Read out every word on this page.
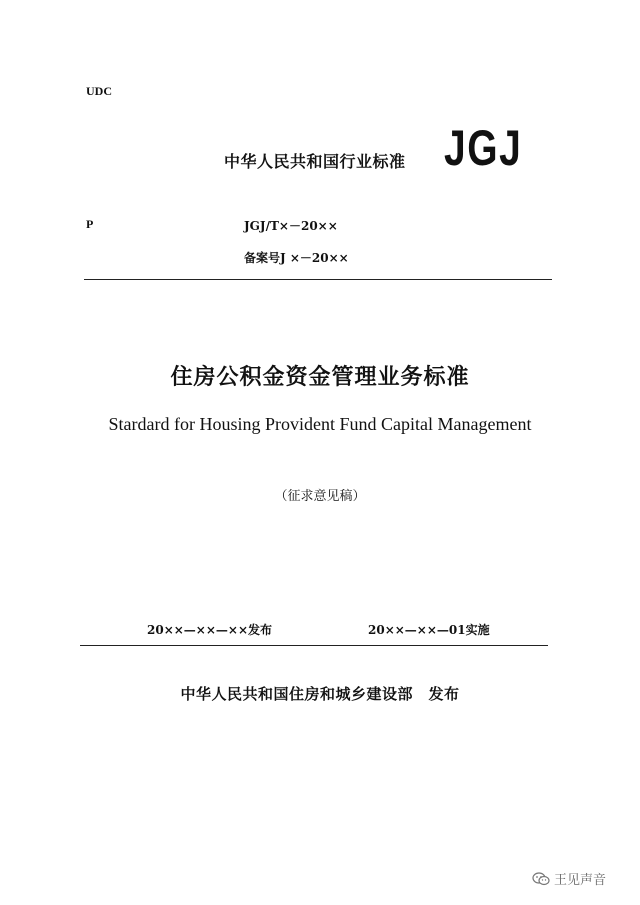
UDC
中华人民共和国行业标准 JGJ
P	JGJ/T×－20××
备案号J ×－20××
住房公积金资金管理业务标准
Stardard for Housing Provident Fund Capital Management
（征求意见稿）
20××—××—××发布	20××—××—01实施
中华人民共和国住房和城乡建设部　发布
王见声音
